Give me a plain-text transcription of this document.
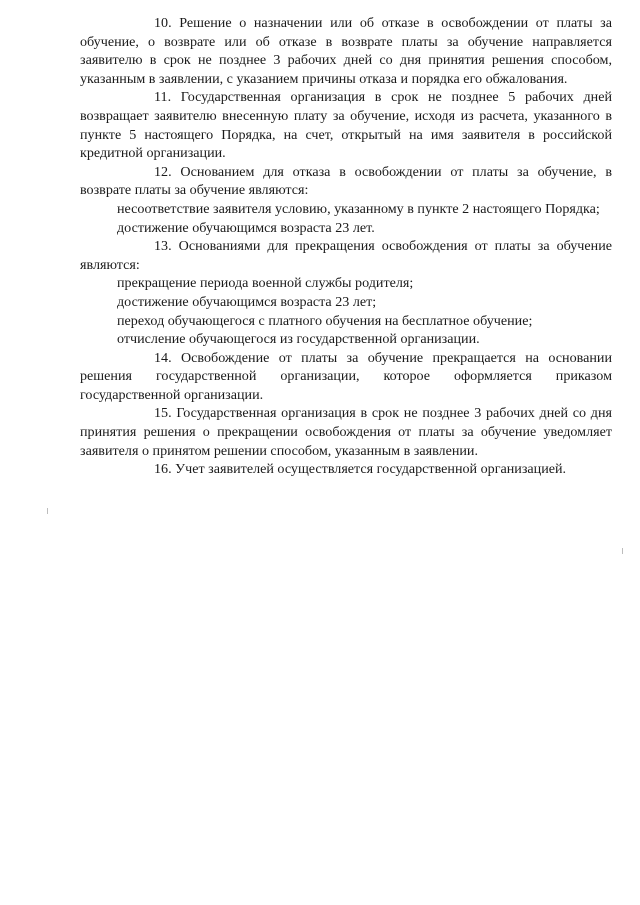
10. Решение о назначении или об отказе в освобождении от платы за обучение, о возврате или об отказе в возврате платы за обучение направляется заявителю в срок не позднее 3 рабочих дней со дня принятия решения способом, указанным в заявлении, с указанием причины отказа и порядка его обжалования.

11. Государственная организация в срок не позднее 5 рабочих дней возвращает заявителю внесенную плату за обучение, исходя из расчета, указанного в пункте 5 настоящего Порядка, на счет, открытый на имя заявителя в российской кредитной организации.

12. Основанием для отказа в освобождении от платы за обучение, в возврате платы за обучение являются:

несоответствие заявителя условию, указанному в пункте 2 настоящего Порядка;

достижение обучающимся возраста 23 лет.

13. Основаниями для прекращения освобождения от платы за обучение являются:

прекращение периода военной службы родителя;

достижение обучающимся возраста 23 лет;

переход обучающегося с платного обучения на бесплатное обучение;

отчисление обучающегося из государственной организации.

14. Освобождение от платы за обучение прекращается на основании решения государственной организации, которое оформляется приказом государственной организации.

15. Государственная организация в срок не позднее 3 рабочих дней со дня принятия решения о прекращении освобождения от платы за обучение уведомляет заявителя о принятом решении способом, указанным в заявлении.

16. Учет заявителей осуществляется государственной организацией.
